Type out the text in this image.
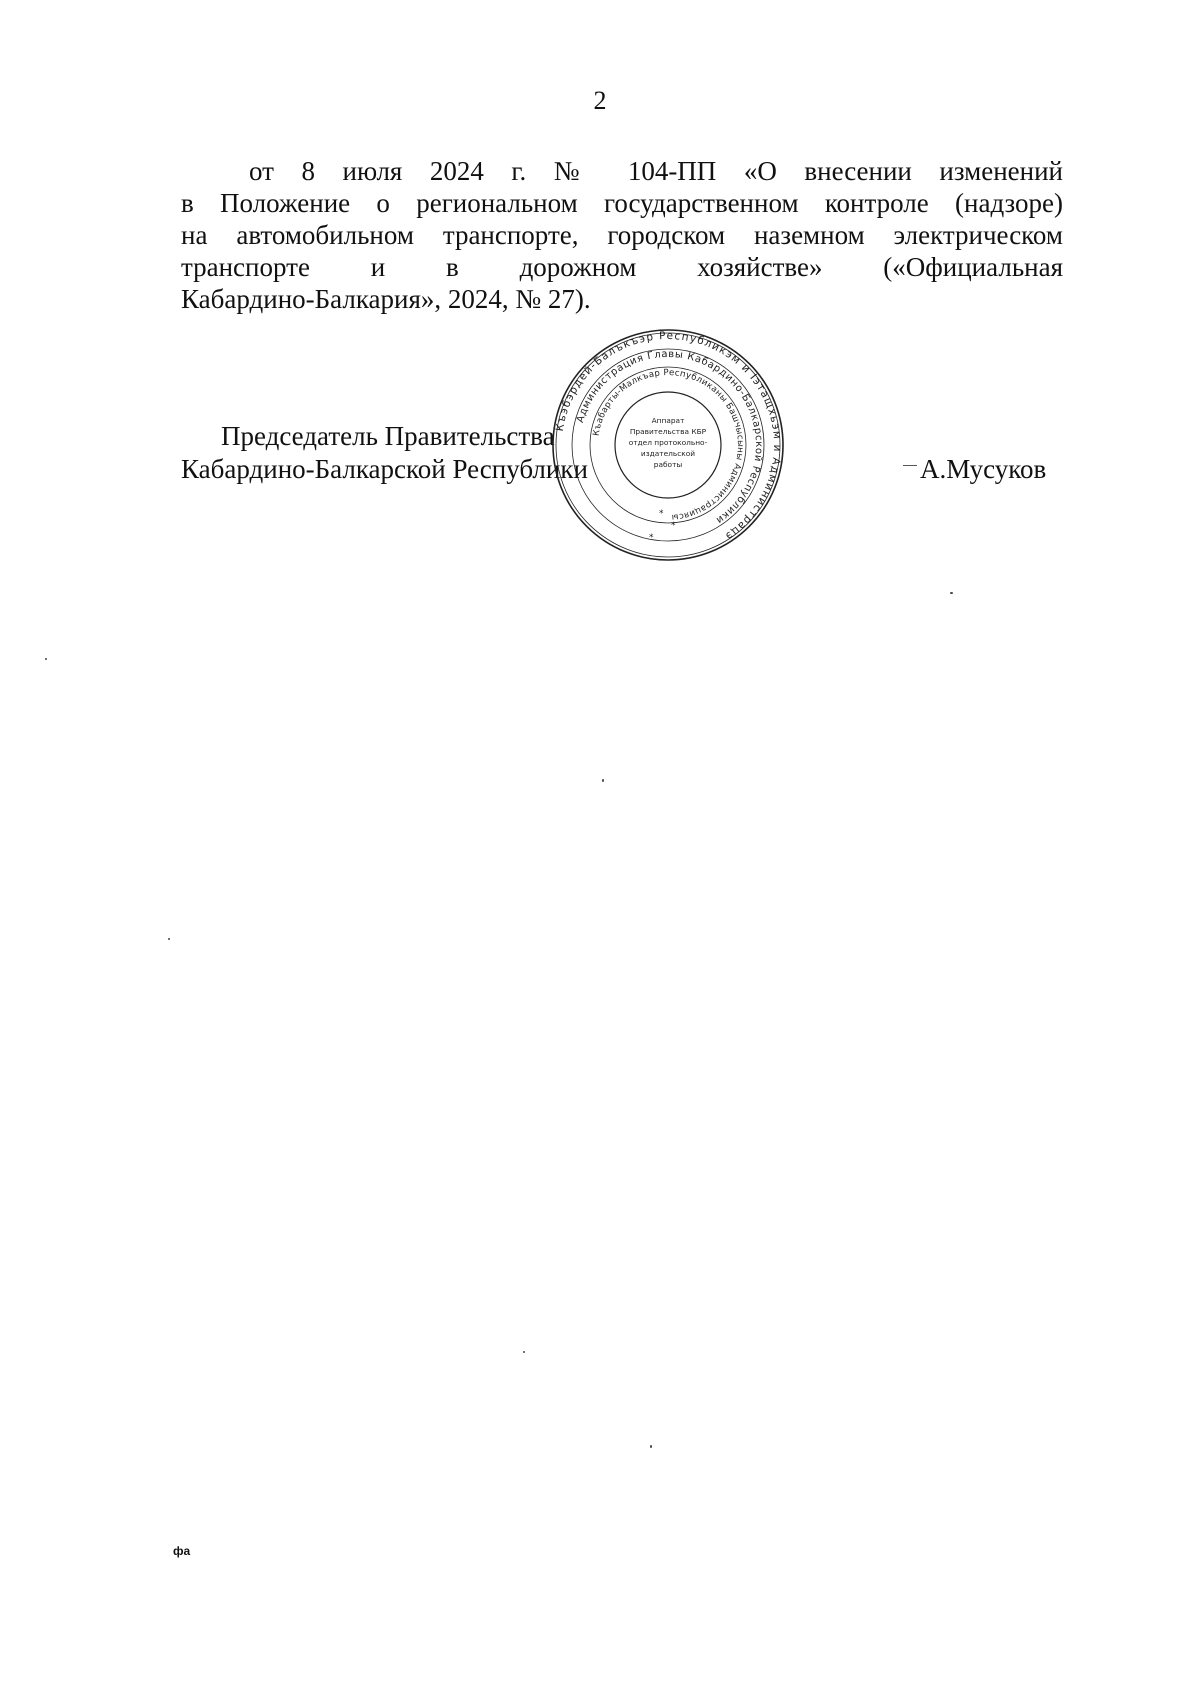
2

от 8 июля 2024 г. № 104-ПП «О внесении изменений
в Положение о региональном государственном контроле (надзоре)
на автомобильном транспорте, городском наземном электрическом
транспорте и в дорожном хозяйстве» («Официальная
Кабардино-Балкария», 2024, № 27).

Председатель Правительства
Кабардино-Балкарской Республики
Къэбэрдей-Балъкъэр Республикэм и Іэтащхьэм и Администрацэ
Администрация Главы Кабардино-Балкарской Республики
Къабарты-Малкъар Республиканы Башчысыны Администрациясы
Аппарат
Правительства КБР
отдел протокольно-
издательской
работы
*
*
*
А.Мусуков
фа
